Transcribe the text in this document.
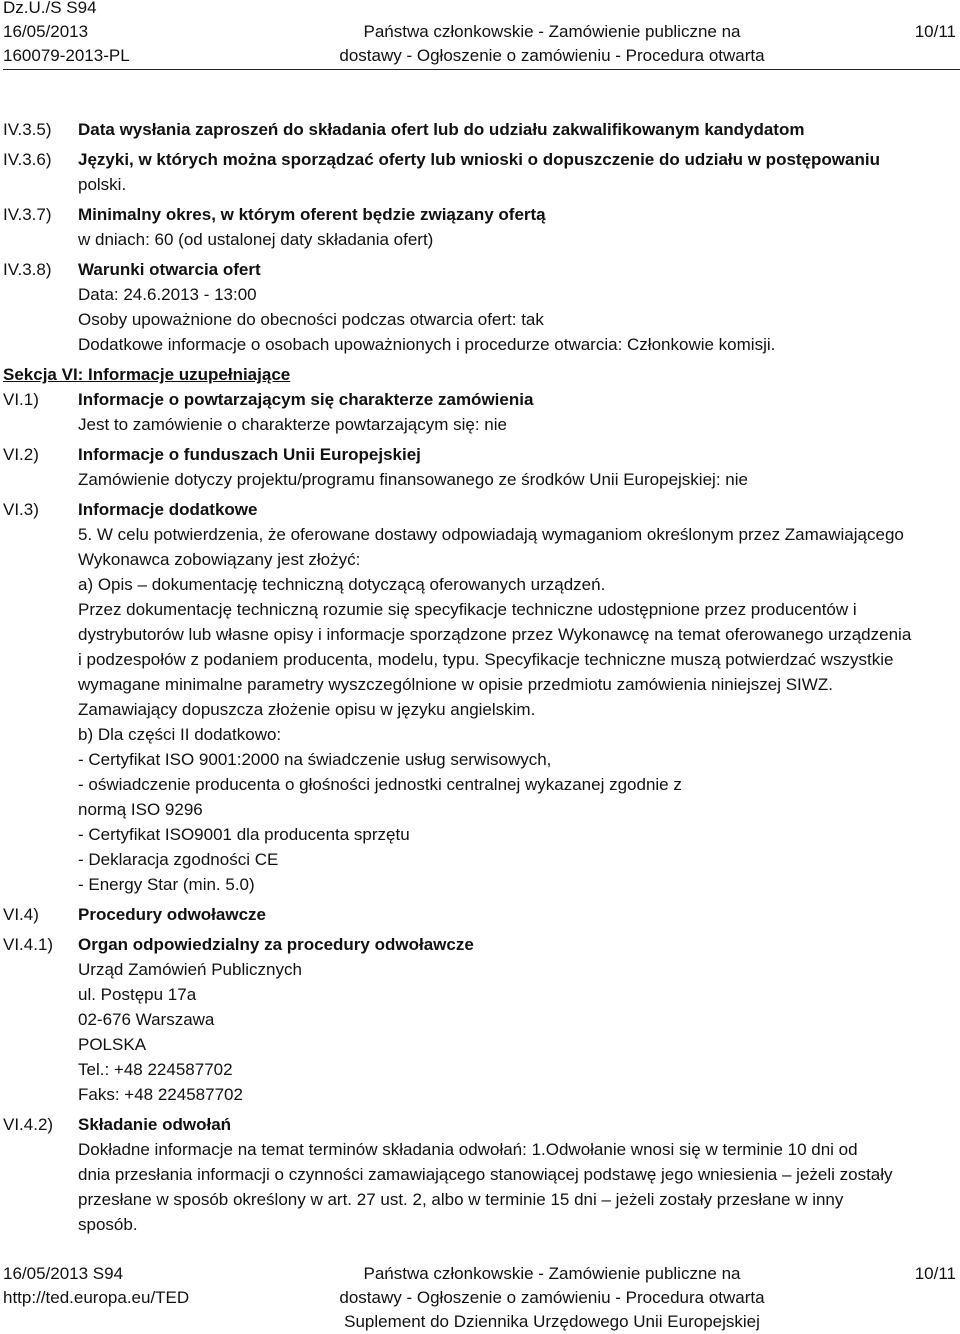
Dz.U./S S94
16/05/2013	Państwa członkowskie - Zamówienie publiczne na	10/11
160079-2013-PL	dostawy - Ogłoszenie o zamówieniu - Procedura otwarta
IV.3.5) Data wysłania zaproszeń do składania ofert lub do udziału zakwalifikowanym kandydatom
IV.3.6) Języki, w których można sporządzać oferty lub wnioski o dopuszczenie do udziału w postępowaniu
polski.
IV.3.7) Minimalny okres, w którym oferent będzie związany ofertą
w dniach: 60 (od ustalonej daty składania ofert)
IV.3.8) Warunki otwarcia ofert
Data: 24.6.2013 - 13:00
Osoby upoważnione do obecności podczas otwarcia ofert: tak
Dodatkowe informacje o osobach upoważnionych i procedurze otwarcia: Członkowie komisji.
Sekcja VI: Informacje uzupełniające
VI.1) Informacje o powtarzającym się charakterze zamówienia
Jest to zamówienie o charakterze powtarzającym się: nie
VI.2) Informacje o funduszach Unii Europejskiej
Zamówienie dotyczy projektu/programu finansowanego ze środków Unii Europejskiej: nie
VI.3) Informacje dodatkowe
5. W celu potwierdzenia, że oferowane dostawy odpowiadają wymaganiom określonym przez Zamawiającego
Wykonawca zobowiązany jest złożyć:
a) Opis – dokumentację techniczną dotyczącą oferowanych urządzeń.
Przez dokumentację techniczną rozumie się specyfikacje techniczne udostępnione przez producentów i
dystrybutorów lub własne opisy i informacje sporządzone przez Wykonawcę na temat oferowanego urządzenia
i podzespołów z podaniem producenta, modelu, typu. Specyfikacje techniczne muszą potwierdzać wszystkie
wymagane minimalne parametry wyszczególnione w opisie przedmiotu zamówienia niniejszej SIWZ.
Zamawiający dopuszcza złożenie opisu w języku angielskim.
b) Dla części II dodatkowo:
- Certyfikat ISO 9001:2000 na świadczenie usług serwisowych,
- oświadczenie producenta o głośności jednostki centralnej wykazanej zgodnie z
normą ISO 9296
- Certyfikat ISO9001 dla producenta sprzętu
- Deklaracja zgodności CE
- Energy Star (min. 5.0)
VI.4) Procedury odwoławcze
VI.4.1) Organ odpowiedzialny za procedury odwoławcze
Urząd Zamówień Publicznych
ul. Postępu 17a
02-676 Warszawa
POLSKA
Tel.: +48 224587702
Faks: +48 224587702
VI.4.2) Składanie odwołań
Dokładne informacje na temat terminów składania odwołań: 1.Odwołanie wnosi się w terminie 10 dni od
dnia przesłania informacji o czynności zamawiającego stanowiącej podstawę jego wniesienia – jeżeli zostały
przesłane w sposób określony w art. 27 ust. 2, albo w terminie 15 dni – jeżeli zostały przesłane w inny
sposób.
16/05/2013 S94	Państwa członkowskie - Zamówienie publiczne na	10/11
http://ted.europa.eu/TED	dostawy - Ogłoszenie o zamówieniu - Procedura otwarta
Suplement do Dziennika Urzędowego Unii Europejskiej
